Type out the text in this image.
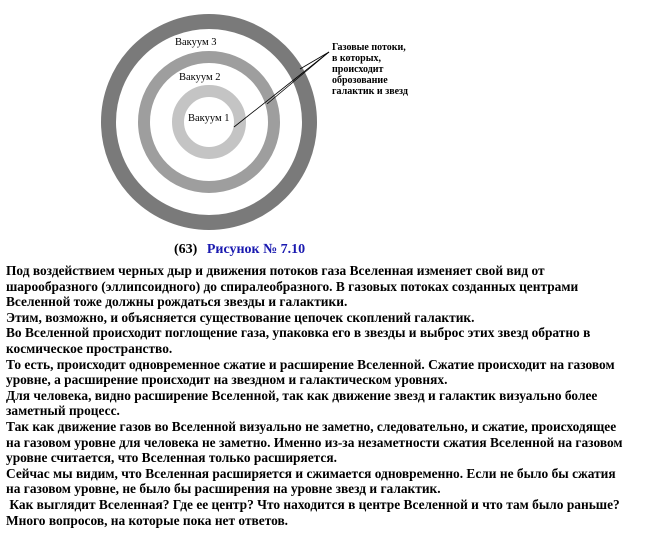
Вакуум 3
Вакуум 2
Вакуум 1
Газовые потоки, в которых, происходит оброзование галактик и звезд
(63) Рисунок № 7.10

Под воздействием черных дыр и движения потоков газа Вселенная изменяет свой вид от

шарообразного (эллипсоидного) до спиралеобразного. В газовых потоках созданных центрами

Вселенной тоже должны рождаться звезды и галактики.

Этим, возможно, и объясняется существование цепочек скоплений галактик.

Во Вселенной происходит поглощение газа, упаковка его в звезды и выброс этих звезд обратно в

космическое пространство.

То есть, происходит одновременное сжатие и расширение Вселенной. Сжатие происходит на газовом

уровне, а расширение происходит на звездном и галактическом уровнях.

Для человека, видно расширение Вселенной, так как движение звезд и галактик визуально более

заметный процесс.

Так как движение газов во Вселенной визуально не заметно, следовательно, и сжатие, происходящее

на газовом уровне для человека не заметно. Именно из-за незаметности сжатия Вселенной на газовом

уровне считается, что Вселенная только расширяется.

Сейчас мы видим, что Вселенная расширяется и сжимается одновременно. Если не было бы сжатия

на газовом уровне, не было бы расширения на уровне звезд и галактик.

Как выглядит Вселенная? Где ее центр? Что находится в центре Вселенной и что там было раньше?

Много вопросов, на которые пока нет ответов.
